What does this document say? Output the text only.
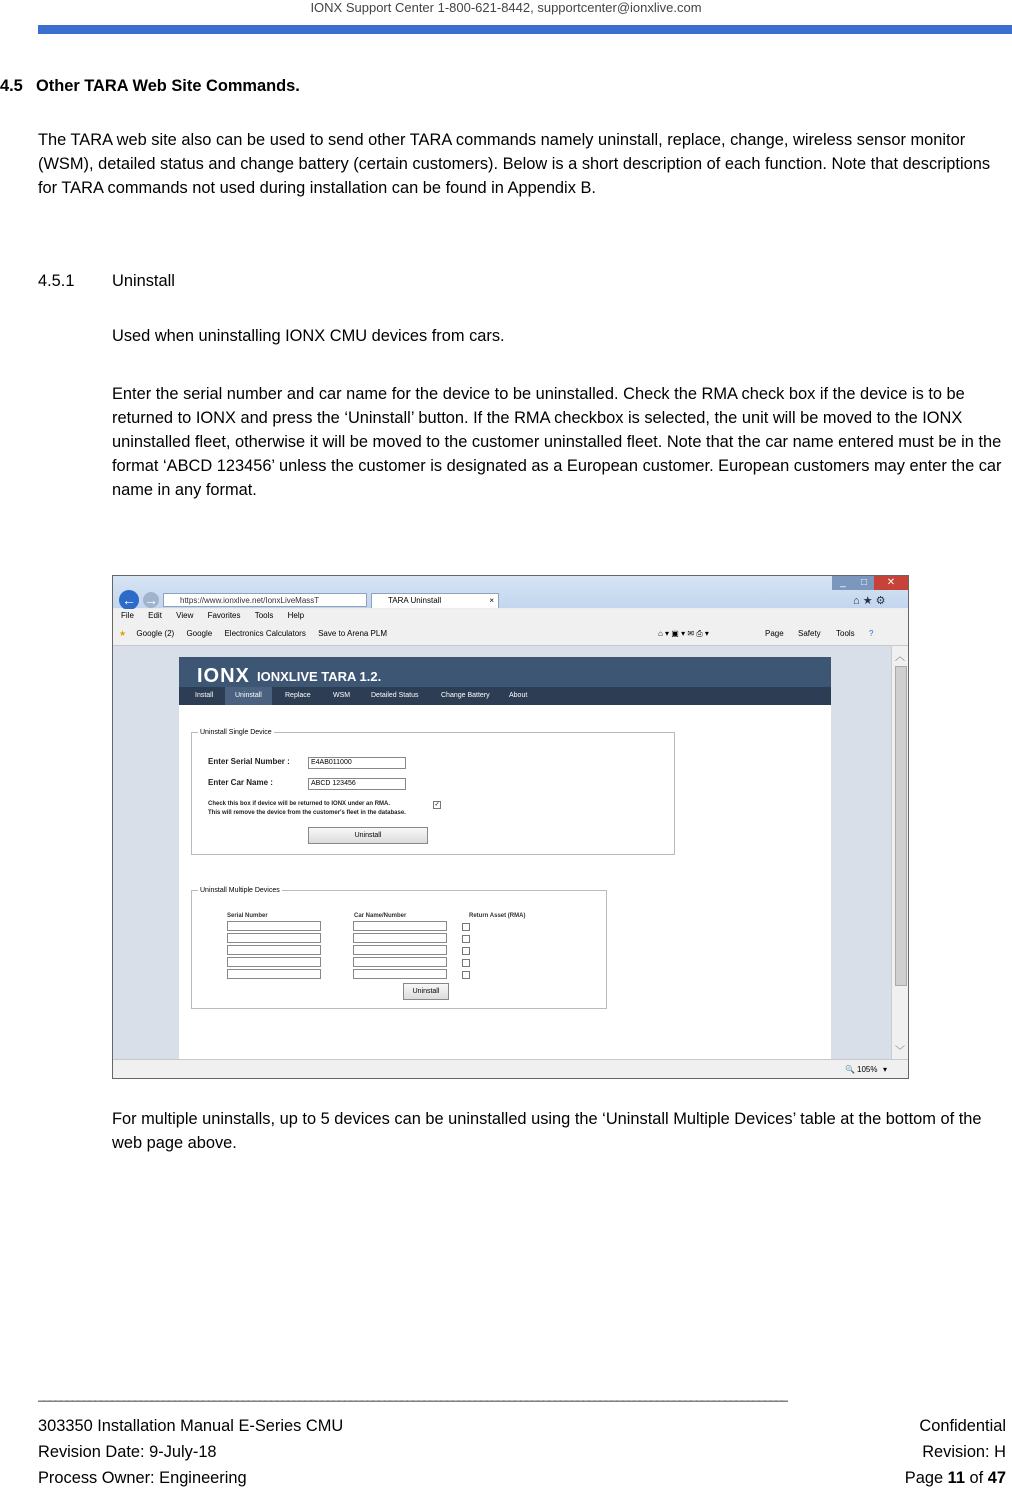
IONX Support Center 1-800-621-8442, supportcenter@ionxlive.com
4.5 Other TARA Web Site Commands.
The TARA web site also can be used to send other TARA commands namely uninstall, replace, change, wireless sensor monitor (WSM), detailed status and change battery (certain customers). Below is a short description of each function. Note that descriptions for TARA commands not used during installation can be found in Appendix B.
4.5.1 Uninstall
Used when uninstalling IONX CMU devices from cars.
Enter the serial number and car name for the device to be uninstalled. Check the RMA check box if the device is to be returned to IONX and press the ‘Uninstall’ button. If the RMA checkbox is selected, the unit will be moved to the IONX uninstalled fleet, otherwise it will be moved to the customer uninstalled fleet. Note that the car name entered must be in the format ‘ABCD 123456’ unless the customer is designated as a European customer. European customers may enter the car name in any format.
← →	https://www.ionxlive.net/IonxLiveMassT	TARA Uninstall	×
_	□	✕
⌂ ★ ⚙
File Edit View Favorites Tools Help
★ Google (2) Google Electronics Calculators Save to Arena PLM	⌂ ▾ ▣ ▾ ✉ ⎙ ▾	Page Safety Tools ?
IONX IONXLIVE TARA 1.2.
Install	Uninstall	Replace	WSM	Detailed Status	Change Battery	About
Uninstall Single Device
Enter Serial Number :	E4AB011000
Enter Car Name :	ABCD 123456
Check this box if device will be returned to IONX under an RMA.	✓
This will remove the device from the customer's fleet in the database.
Uninstall
Uninstall Multiple Devices
Serial Number	Car Name/Number	Return Asset (RMA)
Uninstall
︿
﹀
🔍 105% ▾
For multiple uninstalls, up to 5 devices can be uninstalled using the ‘Uninstall Multiple Devices’ table at the bottom of the web page above.
____________________________________________________________________________________________________________________________________
303350 Installation Manual E-Series CMU	Confidential
Revision Date: 9-July-18	Revision: H
Process Owner: Engineering	Page 11 of 47
